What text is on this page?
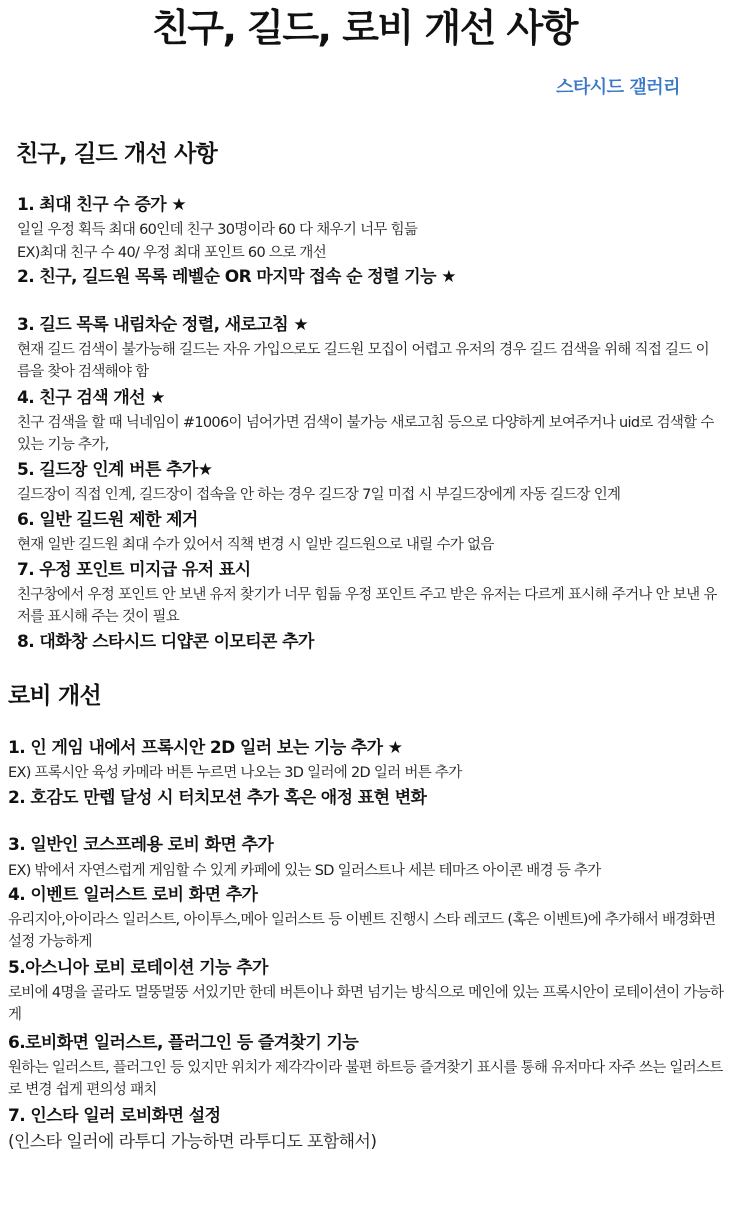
친구, 길드, 로비 개선 사항
스타시드 갤러리
친구, 길드 개선 사항
1. 최대 친구 수 증가 ★
일일 우정 획득 최대 60인데 친구 30명이라 60 다 채우기 너무 힘듦
EX)최대 친구 수 40/ 우정 최대 포인트 60 으로 개선
2. 친구, 길드원 목록 레벨순 OR 마지막 접속 순 정렬 기능 ★
3. 길드 목록 내림차순 정렬, 새로고침 ★
현재 길드 검색이 불가능해 길드는 자유 가입으로도 길드원 모집이 어렵고 유저의 경우 길드 검색을 위해 직접 길드 이름을 찾아 검색해야 함
4. 친구 검색 개선 ★
친구 검색을 할 때 닉네임이 #1006이 넘어가면 검색이 불가능 새로고침 등으로 다양하게 보여주거나 uid로 검색할 수 있는 기능 추가,
5. 길드장 인계 버튼 추가★
길드장이 직접 인계, 길드장이 접속을 안 하는 경우 길드장 7일 미접 시 부길드장에게 자동 길드장 인계
6. 일반 길드원 제한 제거
현재 일반 길드원 최대 수가 있어서 직책 변경 시 일반 길드원으로 내릴 수가 없음
7. 우정 포인트 미지급 유저 표시
친구창에서 우정 포인트 안 보낸 유저 찾기가 너무 힘듦 우정 포인트 주고 받은 유저는 다르게 표시해 주거나 안 보낸 유저를 표시해 주는 것이 필요
8. 대화창 스타시드 디얍콘 이모티콘 추가
로비 개선
1. 인 게임 내에서 프록시안 2D 일러 보는 기능 추가 ★
EX) 프록시안 육성 카메라 버튼 누르면 나오는 3D 일러에 2D 일러 버튼 추가
2. 호감도 만렙 달성 시 터치모션 추가 혹은 애정 표현 변화
3. 일반인 코스프레용 로비 화면 추가
EX) 밖에서 자연스럽게 게임할 수 있게 카페에 있는 SD 일러스트나 세븐 테마즈 아이콘 배경 등 추가
4. 이벤트 일러스트 로비 화면 추가
유리지아,아이라스 일러스트, 아이투스,메아 일러스트 등 이벤트 진행시 스타 레코드 (혹은 이벤트)에 추가해서 배경화면 설정 가능하게
5.아스니아 로비 로테이션 기능 추가
로비에 4명을 골라도 멀뚱멀뚱 서있기만 한데 버튼이나 화면 넘기는 방식으로 메인에 있는 프록시안이 로테이션이 가능하게
6.로비화면 일러스트, 플러그인 등 즐겨찾기 기능
원하는 일러스트, 플러그인 등 있지만 위치가 제각각이라 불편 하트등 즐겨찾기 표시를 통해 유저마다 자주 쓰는 일러스트로 변경 쉽게 편의성 패치
7. 인스타 일러 로비화면 설정
(인스타 일러에 라투디 가능하면 라투디도 포함해서)
